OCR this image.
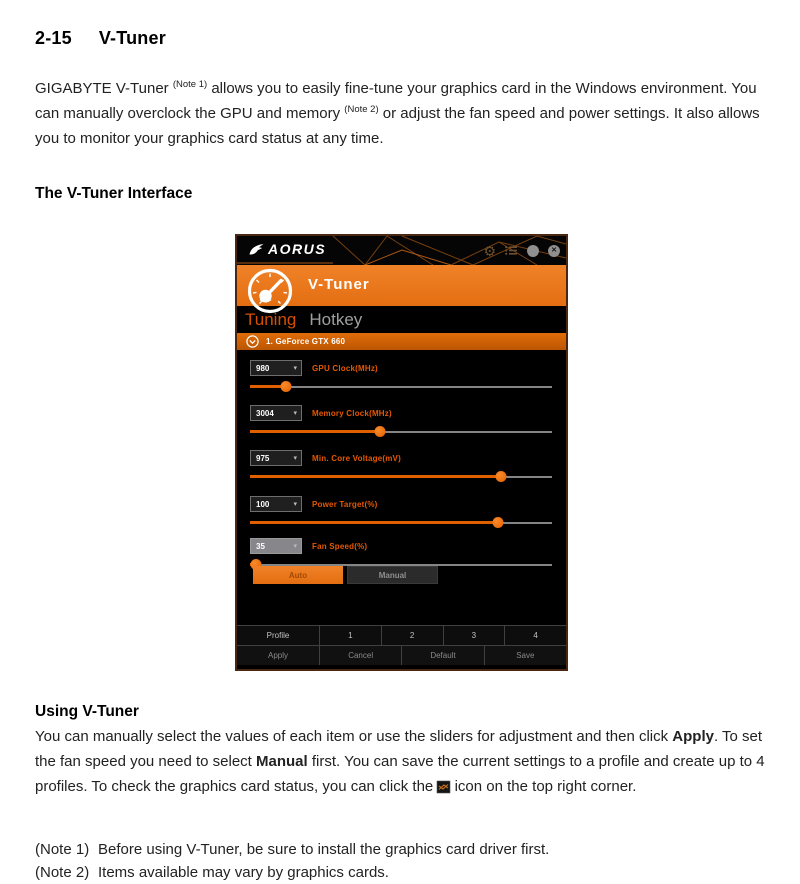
2-15 V-Tuner

GIGABYTE V-Tuner $^{(Note 1)}$ allows you to easily fine-tune your graphics card in the Windows environment. You can manually overclock the GPU and memory $^{(Note 2)}$ or adjust the fan speed and power settings. It also allows you to monitor your graphics card status at any time.

The V-Tuner Interface
AORUS	⚙	✕
V-Tuner
Tuning Hotkey
1. GeForce GTX 660
980	▾	GPU Clock(MHz)
3004	▾	Memory Clock(MHz)
975	▾	Min. Core Voltage(mV)
100	▾	Power Target(%)
35	▾	Fan Speed(%)
Auto	Manual
Profile	1	2	3	4
Apply	Cancel	Default	Save
Using V-Tuner

You can manually select the values of each item or use the sliders for adjustment and then click Apply. To set the fan speed you need to select Manual first. You can save the current settings to a profile and create up to 4 profiles. To check the graphics card status, you can click the  icon on the top right corner.

(Note 1) Before using V-Tuner, be sure to install the graphics card driver first.
(Note 2) Items available may vary by graphics cards.
